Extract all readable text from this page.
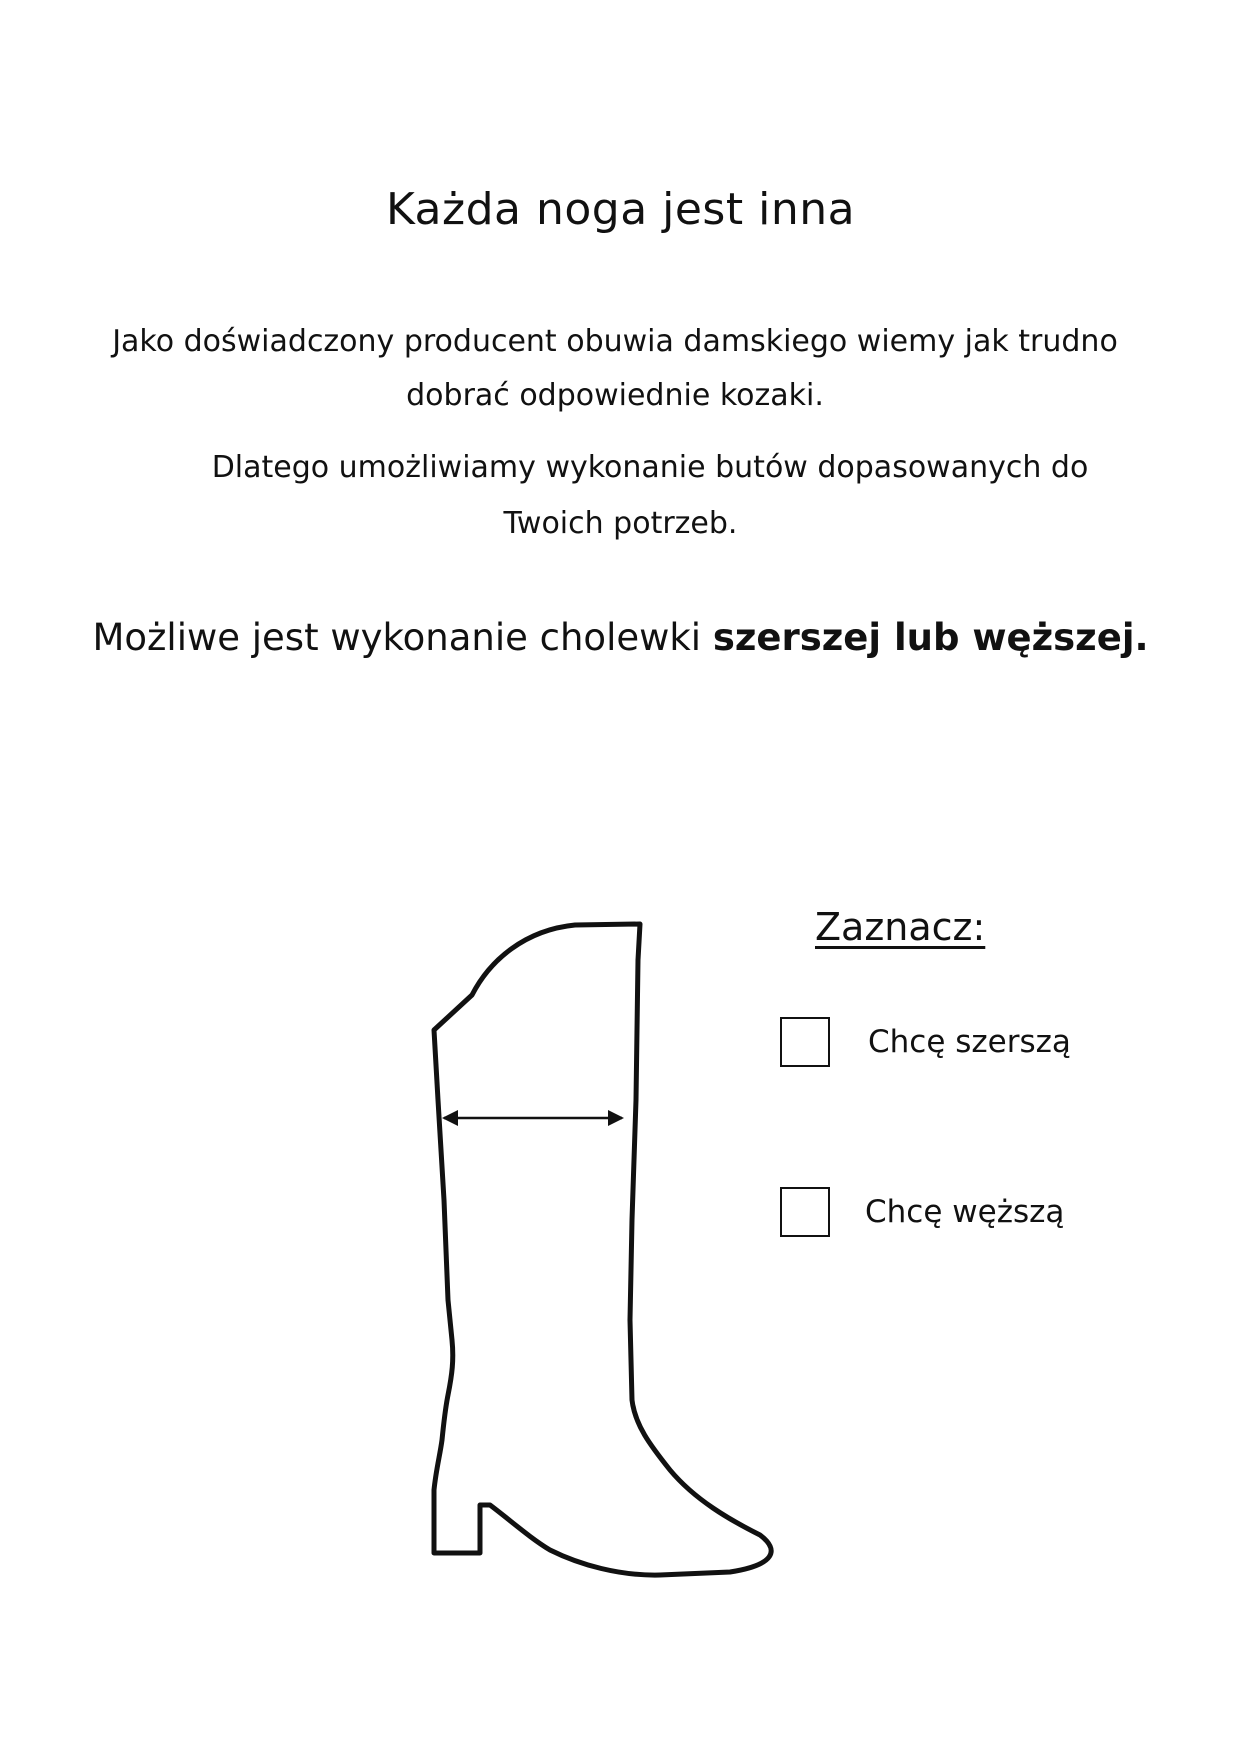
Każda noga jest inna
Jako doświadczony producent obuwia damskiego wiemy jak trudno
dobrać odpowiednie kozaki.
Dlatego umożliwiamy wykonanie butów dopasowanych do
Twoich potrzeb.
Możliwe jest wykonanie cholewki szerszej lub węższej.
Zaznacz:
Chcę szerszą
Chcę węższą
